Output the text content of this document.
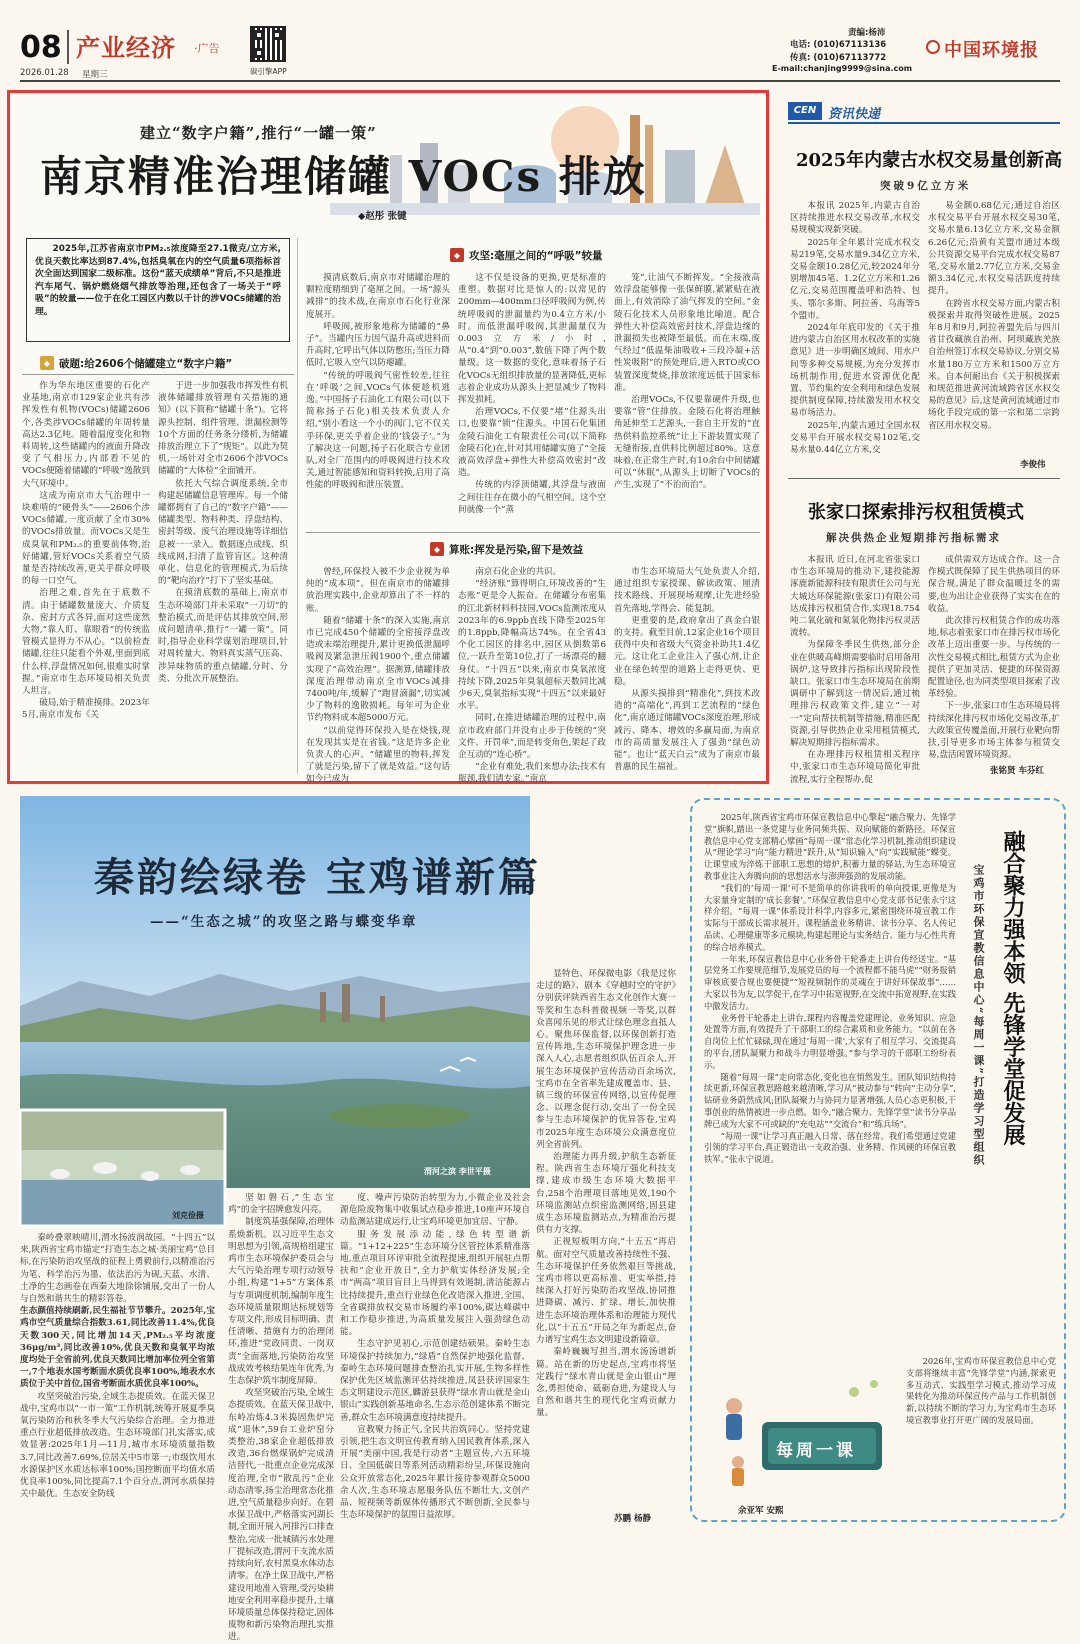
08 产业经济 ·广告
2026.01.28 星期三	碳引擎APP
责编:杨沛
电话: (010)67113136
传真: (010)67113772
E-mail:chanjing9999@sina.com
中国环境报
建立“数字户籍”,推行“一罐一策”
南京精准治理储罐 VOCs 排放
◆赵彤 张键
2025年,江苏省南京市PM₂.₅浓度降至27.1微克/立方米,优良天数比率达到87.4%,包括臭氧在内的空气质量6项指标首次全面达到国家二级标准。这份“蓝天成绩单”背后,不只是推进汽车尾气、锅炉燃烧烟气排放等治理,还包含了一场关于“呼吸”的较量——位于在化工园区内数以千计的涉VOCs储罐的治理。
◆ 破题:给2606个储罐建立“数字户籍”

作为华东地区重要的石化产业基地,南京市129家企业共有涉挥发性有机物(VOCs)储罐2606个,各类涉VOCs储罐的年周转量高达2.3亿吨。随着温度变化和物料周转,这些储罐内的液面升降改变了气相压力,内部看不见的VOCs便随着储罐的“呼吸”逸散到大气环境中。

这成为南京市大气治理中一块难啃的“硬骨头”——2606个涉VOCs储罐,一度贡献了全市30%的VOCs排放量。而VOCs又是生成臭氧和PM₂.₅的重要前体物,治好储罐,管好VOCs关系着空气质量是否持续改善,更关乎群众呼吸的每一口空气。

治理之难,首先在于底数不清。由于储罐数量庞大、介质复杂、密封方式各异,面对这些庞然大物,“靠人盯、靠眼看”的传统监管模式显得力不从心。“以前检查储罐,往往只能看个外观,里面到底什么样,浮盘情况如何,很难实时掌握。”南京市生态环境局相关负责人坦言。

破局,始于精准摸排。2023年5月,南京市发布《关

于进一步加强我市挥发性有机液体储罐排放管理有关措施的通知》(以下简称“储罐十条”)。它将源头控制、组件管理、泄漏检测等10个方面的任务条分缕析,为储罐排放治理立下了“规矩”。以此为契机,一场针对全市2606个涉VOCs储罐的“大体检”全面铺开。

依托大气综合调度系统,全市构建起储罐信息管理库。每一个储罐都拥有了自己的“数字户籍”——储罐类型、物料种类、浮盘结构、密封等级、废气治理设施等详细信息被一一录入。数据逐点成线、织线成网,扫清了监管盲区。这种清单化、信息化的管理模式,为后续的“靶向治疗”打下了坚实基础。

在摸清底数的基础上,南京市生态环境部门并未采取“一刀切”的整治模式,而是评估其排放空间,形成问题清单,推行“一罐一策”。同时,指导企业科学谋划治理项目,针对周转量大、物料真实蒸气压高、涉异味物质的重点储罐,分时、分类、分批次开展整治。

◆ 攻坚:毫厘之间的“呼吸”较量

摸清底数后,南京市对储罐治理的颗粒度精细到了毫厘之间。一场“源头减排”的技术战,在南京市石化行业深度展开。

呼吸阀,被形象地称为储罐的“鼻子”。当罐内压力因气温升高或进料而升高时,它呼出气体以防憋压;当压力降低时,它吸入空气以防瘪罐。

“传统的呼吸阀气密性较差,往往在‘呼吸’之间,VOCs气体便趁机逃逸。”中国扬子石油化工有限公司(以下简称扬子石化)相关技术负责人介绍,“别小看这一个小的阀门,它不仅关乎环保,更关乎着企业的‘钱袋子’。”为了解决这一问题,扬子石化联合专业团队,对全厂范围内的呼吸阀进行技术攻关,通过智能感知和资料转换,启用了高性能的呼吸阀和泄压装置。

这不仅是设备的更换,更是标准的重塑。数据对比是惊人的:以常见的200mm—400mm口径呼吸阀为例,传统呼吸阀的泄漏量约为0.4立方米/小时。而低泄漏呼吸阀,其泄漏量仅为0.003立方米/小时,从“0.4”到“0.003”,数值下降了两个数量级。这一数据的变化,意味着扬子石化VOCs无组织排放量的显著降低,更标志着企业成功从源头上把显减少了物料挥发损耗。

治理VOCs,不仅要“堵”住源头出口,也要靠“锁”住源头。中国石化集团金陵石油化工有限责任公司(以下简称金陵石化)在,针对其用储罐实施了“全接液高效浮盘+弹性大补偿高效密封”改造。

传统的内浮顶储罐,其浮盘与液面之间往往存在微小的气相空间。这个空间就像一个“蒸

笼”,让油气不断挥发。“全接液高效浮盘能够像一张保鲜膜,紧紧贴在液面上,有效消除了油气挥发的空间。”金陵石化技术人员形象地比喻道。配合弹性大补偿高效密封技术,浮盘边缘的泄漏损失也被降至最低。而在末端,废气经过“低温柴油吸收+三段冷凝+活性炭吸附”的预处理后,进入RTO或CO装置深度焚烧,排放浓度远低于国家标准。

治理VOCs,不仅要靠硬件升级,也要靠“管”住排放。金陵石化将治理触角延伸至工艺源头,一套自主开发的“直热供料监控系统”让上下游装置实现了无缝衔接,直供料比例超过80%。这意味着,在正常生产时,有10余台中间储罐可以“休眠”,从源头上切断了VOCs的产生,实现了“不治而治”。

◆ 算账:挥发是污染,留下是效益

曾经,环保投入被不少企业视为单纯的“成本项”。但在南京市的储罐排放治理实践中,企业却算出了不一样的账。

随着“储罐十条”的深入实施,南京市已完成450个储罐的全密接浮盘改造或末端治理提升,累计更换低泄漏呼吸阀及紧急泄压阀1900个,重点储罐实现了“高效治理”。据测算,储罐排放深度治理带动南京全市VOCs减排7400吨/年,缓解了“跑冒滴漏”,切实减少了物料的逸散损耗。每年可为企业节约物料成本超5000万元。

“以前觉得环保投入是在烧钱,现在发现其实是在省钱。”这是许多企业负责人的心声。“储罐里的物料,挥发了就是污染,留下了就是效益。”这句话如今已成为

南京石化企业的共识。

“经济账”算得明白,环境改善的“生态账”更是令人振奋。在储罐分布密集的江北新材料科技园,VOCs监测浓度从2023年的6.9ppb直线下降至2025年的1.8ppb,降幅高达74%。在全省43个化工园区的排名中,园区从倒数第6位,一跃升至第10位,打了一场漂亮的翻身仗。“十四五”以来,南京市臭氧浓度持续下降,2025年臭氧超标天数同比减少6天,臭氧指标实现“十四五”以来最好水平。

同时,在推进储罐治理的过程中,南京市政府部门并没有止步于传统的“突文件、开罚单”,而是转变角色,架起了政企互动的“连心桥”。

“企业有难处,我们来想办法;技术有瓶颈,我们请专家。”南京

市生态环境局大气处负责人介绍,通过组织专家授课、解读政策、厘清技术路线、开展现场观摩,让先进经验首先落地,学得会、能复制。

更重要的是,政府拿出了真金白银的支持。截至目前,12家企业16个项目获得中央和省级大气资金补助共1.4亿元。这让化工企业注入了强心剂,让企业在绿色转型的道路上走得更快、更稳。

从源头摸排到“精准化”,到技术改造的“高端化”,再到工艺流程的“绿色化”,南京通过储罐VOCs深度治理,形成减污、降本、增效的多赢局面,为南京市的高质量发展注入了强劲“绿色动能”。也让“蓝天白云”成为了南京市最普惠的民生福祉。

CEN 资讯快递
2025年内蒙古水权交易量创新高
突破9亿立方米

本报讯 2025年,内蒙古自治区持续推进水权交易改革,水权交易规模实现新突破。

2025年全年累计完成水权交易219笔,交易水量9.34亿立方米,交易金额10.28亿元,较2024年分别增加45笔、1.2亿立方米和1.26亿元,交易范围覆盖呼和浩特、包头、鄂尔多斯、阿拉善、乌海等5个盟市。

2024年年底印发的《关于推进内蒙古自治区用水权改革的实施意见》进一步明确区域间、用水户间等多种交易规模,为充分发挥市场机制作用,促进水资源优化配置、节约集约安全利用和绿色发展提供制度保障,持续激发用水权交易市场活力。

2025年,内蒙古通过全国水权交易平台开展水权交易102笔,交易水量0.44亿立方米,交

易金额0.68亿元;通过自治区水权交易平台开展水权交易30笔,交易水量6.13亿立方米,交易金额6.26亿元;沿黄有关盟市通过本级公共资源交易平台完成水权交易87笔,交易水量2.77亿立方米,交易金额3.34亿元,水权交易活跃度持续提升。

在跨省水权交易方面,内蒙古积极探索并取得突破性进展。2025年8月和9月,阿拉善盟先后与四川省甘孜藏族自治州、阿坝藏族羌族自治州签订水权交易协议,分别交易水量180万立方米和1500万立方米。自本何耐出台《关于积极探索和规范推进黄河流域跨省区水权交易的意见》后,这是黄河流域通过市场化手段完成的第一宗和第二宗跨省区用水权交易。

李俊伟
张家口探索排污权租赁模式
解决供热企业短期排污指标需求

本报讯 近日,在河北省张家口市生态环境局的推动下,建投能源涿鹿新能源科技有限责任公司与光大城达环保能源(张家口)有限公司达成排污权租赁合作,实现18.754吨二氧化硫和氮氧化物排污权灵活流转。

为保障冬季民生供热,部分企业在供暖高峰期需要临时启用备用锅炉,这导致排污指标出现阶段性缺口。张家口市生态环境局在前期调研中了解到这一情况后,通过梳理排污权政策文件,建立“一对一”定向帮扶机制等措施,精准匹配资源,引导供热企业采用租赁模式,解决短期排污指标需求。

在办理排污权租赁相关程序中,张家口市生态环境局简化审批流程,实行全程帮办,促

成供需双方达成合作。这一合作模式既保障了民生供热项目的环保合规,满足了群众温暖过冬的需要,也为出让企业获得了实实在在的收益。

此次排污权租赁合作的成功落地,标志着张家口市在排污权市场化改革上迈出重要一步。与传统的一次性交易模式相比,租赁方式为企业提供了更加灵活、便捷的环保资源配置途径,也为同类型项目探索了改革经验。

下一步,张家口市生态环境局将持续深化排污权市场化交易改革,扩大政策宣传覆盖面,开展行业靶向帮扶,引导更多市场主体参与租赁交易,盘活闲置环境资源。

张铭贤 车芬红
秦韵绘绿卷 宝鸡谱新篇
——“生态之城”的攻坚之路与蝶变华章
渭河之滨 李世平摄
刘克俭摄

秦岭叠翠映晴川,渭水扬波润故园。“十四五”以来,陕西省宝鸡市锚定“打造生态之城·美丽宝鸡”总目标,在污染防治攻坚战的征程上勇毅前行,以精准治污为笔、科学治污为墨、依法治污为砚,天蓝、水清、土净的生态画卷在西秦大地徐徐铺展,交出了一份人与自然和谐共生的精彩答卷。

生态颜值持续刷新,民生福祉节节攀升。2025年,宝鸡市空气质量综合指数3.61,同比改善11.4%,优良天数300天,同比增加14天,PM₂.₅平均浓度36μg/m³,同比改善10%,优良天数和臭氧平均浓度均处于全省前列,优良天数同比增加率位列全省第一,7个地表水国考断面水质优良率100%,地表水水质位于关中首位,国省考断面水质优良率100%。

攻坚突破治污染,全域生态提质效。在蓝天保卫战中,宝鸡市以“一市一策”工作机制,统筹开展夏季臭氧污染防治和秋冬季大气污染综合治理。全力推进重点行业超低排放改造。生态环境部门扎实落实,成效显著:2025年1月—11月,城市水环境质量指数3.7,同比改善7.69%,位居关中5市第一;市级饮用水水源保护区水质达标率100%;国控断面平均值水质优良率100%,同比提高7.1个百分点,渭河水质保持关中最优。生态安全防线

坚如磐石,“生态宝鸡”的金字招牌愈发闪亮。

制度筑基强保障,治理体系焕新机。以习近平生态文明思想为引领,高规格组建宝鸡市生态环境保护委员会与大气污染治理专项行动领导小组,构建“1+5”方案体系与专项调度机制,编制年度生态环境质量限期达标规划等专项文件,形成目标明确、责任清晰、措施有力的治理闭环,推进“党政同责、一岗双责”全面落地,污染防治攻坚战成效考核结果连年优秀,为生态保护筑牢制度屏障。

攻坚突破治污染,全域生态提质效。在蓝天保卫战中,东岭冶炼4.3米捣固焦炉完成“退休”,59台工业炉窑分类整治,38家企业超低排放改造,36台燃煤锅炉完成清洁替代,一批重点企业完成深度治理,全市“散乱污”企业动态清零,扬尘治理常态化推进,空气质量稳步向好。在碧水保卫战中,严格落实河湖长制,全面开展入河排污口排查整治,完成一批城镇污水处理厂提标改造,渭河干支流水质持续向好,农村黑臭水体动态清零。在净土保卫战中,严格建设用地准入管理,受污染耕地安全利用率稳步提升,土壤环境质量总体保持稳定,固体废物和新污染物治理扎实推进。

度、噪声污染防治转型为力,小微企业及社会源危险废物集中收集试点稳步推进,10座声环境自动监测站建成运行,让宝鸡环境更加宜居、宁静。

服务发展添动能,绿色转型谱新篇。“1+12+225”生态环境分区管控体系精准落地,重点项目环评审批全流程提速,组织开展驻点帮扶和“企业开放日”,全力护航实体经济发展;全市“两高”项目盲目上马得到有效遏制,清洁能源占比持续提升,重点行业绿色化改造深入推进,全国、全省碳排放权交易市场履约率100%,碳达峰碳中和工作稳步推进,为高质量发展注入强劲绿色动能。

生态守护见初心,示范创建结硕果。秦岭生态环境保护持续加力,“绿盾”自然保护地强化监督、秦岭生态环境问题排查整治扎实开展,生物多样性保护优先区域监测评估持续推进,凤县获评国家生态文明建设示范区,麟游县获得“绿水青山就是金山银山”实践创新基地命名,生态示范创建体系不断完善,群众生态环境满意度持续提升。

宣教聚力扬正气,全民共治筑同心。坚持党建引领,把生态文明宣传教育纳入国民教育体系,深入开展“美丽中国,我是行动者”主题宣传,六五环境日、全国低碳日等系列活动精彩纷呈,环保设施向公众开放常态化,2025年累计接待参观群众5000余人次,生态环境志愿服务队伍不断壮大,文创产品、短视频等新媒体传播形式不断创新,全民参与生态环境保护的氛围日益浓厚。

显特色、环保微电影《我是过你走过的路》、剧本《穿越时空的守护》分别获评陕西省生态文化创作大赛一等奖和生态科普微视频一等奖,以群众喜闻乐见的形式让绿色理念直抵人心。聚焦环保监督,以环保创新打造宣传阵地,生态环境保护理念进一步深入人心,志愿者组织队伍百余人,开展生态环境保护宣传活动百余场次,宝鸡市在全省率先建成覆盖市、县、镇三级的环保宣传网络,以宣传促理念、以理念促行动,交出了一份全民参与生态环境保护的优异答卷,宝鸡市2025年度生态环境公众满意度位列全省前列。

治理能力再升级,护航生态新征程。陕西省生态环境厅强化科技支撑,建成市级生态环境大数据平台,258个治理项目落地见效,190个环境监测站点织密监测网络,固县建成生态环境监测站点,为精准治污提供有力支撑。

正视短板明方向,“十五五”再启航。面对空气质量改善持续性不强、生态环境保护任务依然艰巨等挑战,宝鸡市将以更高标准、更实举措,持续深入打好污染防治攻坚战,协同推进降碳、减污、扩绿、增长,加快推进生态环境治理体系和治理能力现代化,以“十五五”开局之年为新起点,奋力谱写宝鸡生态文明建设新篇章。

秦岭巍巍写担当,渭水汤汤谱新篇。站在新的历史起点,宝鸡市将坚定践行“绿水青山就是金山银山”理念,勇担使命、砥砺奋进,为建设人与自然和谐共生的现代化宝鸡贡献力量。

苏鹏 杨静
融合聚力强本领 先锋学堂促发展
宝鸡市环保宣教信息中心“每周一课”打造学习型组织

2025年,陕西省宝鸡市环保宣教信息中心擎起“融合聚力、先锋学堂”旗帜,踏出一条党建与业务同频共振、双向赋能的新路径。环保宣教信息中心党支部精心擘画“每周一课”常态化学习机制,推动组织建设从“理论学习”向“能力精进”跃升,从“知识输入”向“实践赋能”蝶变。让课堂成为淬炼干部职工思想的熔炉,积蓄力量的驿站,为生态环境宣教事业注入奔腾向前的思想活水与澎湃强劲的发展动能。

“我们的‘每周一课’可不是简单的你讲我听的单向授课,更像是为大家量身定制的‘成长套餐’。”环保宣教信息中心党支部书记张永宁这样介绍。“每周一课”体系设计科学,内容多元,紧密围绕环境宣教工作实际与干部成长需求展开。课程涵盖业务精讲、读书分享、名人传记品读、心理健康等多元模块,构建起理论与实务结合、能力与心性共育的综合培养模式。

一年来,环保宣教信息中心业务骨干轮番走上讲台传经送宝。“基层党务工作要规范细节,发展党员的每一个流程都不能马虎”“财务报销审核底要合规也要便捷”“短视频制作的灵魂在于讲好环保故事”……大家以书为友,以学促干,在学习中拓宽视野,在交流中拓宽视野,在实践中激发活力。

业务骨干轮番走上讲台,课程内容覆盖党建理论、业务知识、应急处置等方面,有效提升了干部职工的综合素质和业务能力。“以前在各自岗位上忙忙碌碌,现在通过‘每周一课’,大家有了相互学习、交流提高的平台,团队凝聚力和战斗力明显增强。”参与学习的干部职工纷纷表示。

随着“每周一课”走向常态化,变化也在悄然发生。团队知识结构持续更新,环保宣教思路越来越清晰,学习从“被动参与”转向“主动分享”,钻研业务蔚然成风;团队凝聚力与协同力显著增强,人员心态更积极,干事创业的热情被进一步点燃。如今,“融合聚力、先锋学堂”读书分享品牌已成为大家不可或缺的“充电站”“交流台”和“练兵场”。

“每周一课”让学习真正融入日常、落在经常。我们希望通过党建引领的学习平台,真正锻造出一支政治强、业务精、作风硬的环保宣教铁军。”张永宁说道。

2026年,宝鸡市环保宣教信息中心党支部将继续丰富“先锋学堂”内涵,探索更多互动式、实践型学习模式,推动学习成果转化为推动环保宣传产品与工作机制创新,以持续不断的学习力,为宝鸡市生态环境宣教事业打开更广阔的发展局面。

每周一课
余亚军 安熙
